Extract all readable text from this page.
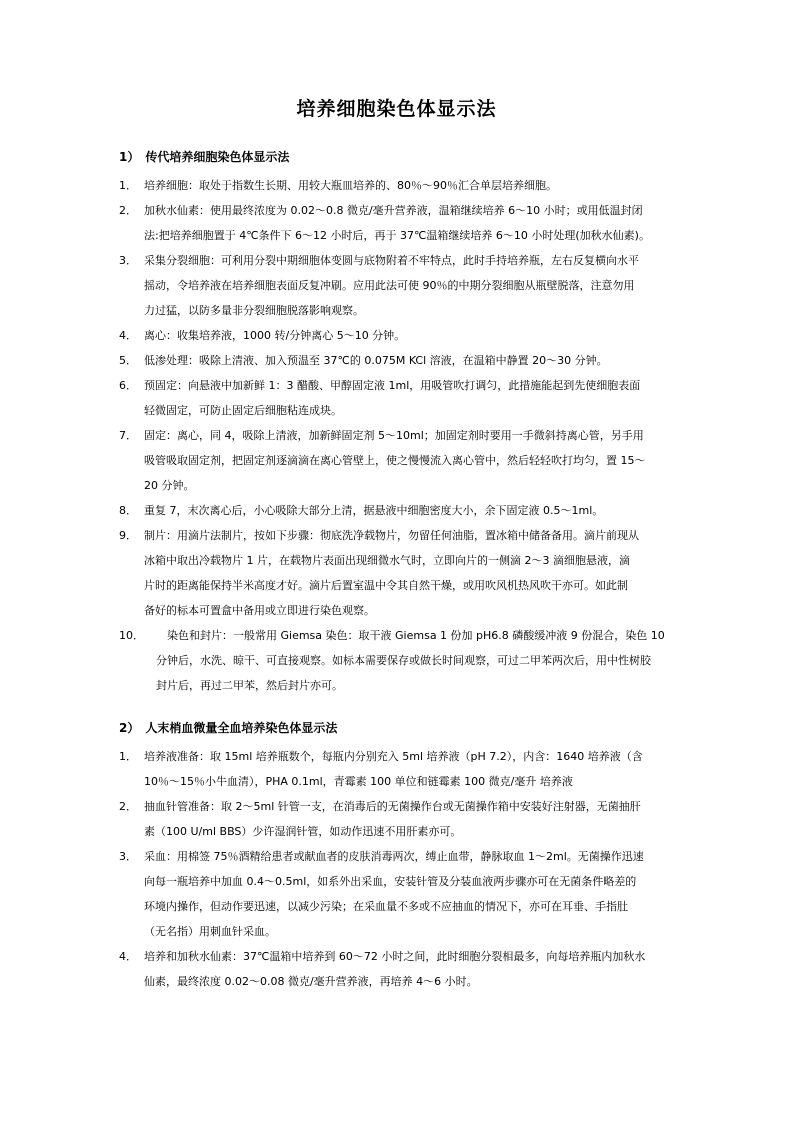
培养细胞染色体显示法
1）　传代培养细胞染色体显示法
1． 培养细胞：取处于指数生长期、用较大瓶皿培养的、80％～90％汇合单层培养细胞。
2． 加秋水仙素：使用最终浓度为 0.02～0.8 微克/毫升营养液，温箱继续培养 6～10 小时；或用低温封闭
法:把培养细胞置于 4℃条件下 6～12 小时后，再于 37℃温箱继续培养 6～10 小时处理(加秋水仙素)。
3． 采集分裂细胞：可利用分裂中期细胞体变圆与底物附着不牢特点，此时手持培养瓶，左右反复横向水平
摇动，令培养液在培养细胞表面反复冲刷。应用此法可使 90％的中期分裂细胞从瓶壁脱落，注意勿用
力过猛，以防多量非分裂细胞脱落影响观察。
4． 离心：收集培养液，1000 转/分钟离心 5～10 分钟。
5． 低渗处理：吸除上清液、加入预温至 37℃的 0.075M KCl 溶液，在温箱中静置 20～30 分钟。
6． 预固定：向悬液中加新鲜 1：3 醋酸、甲醇固定液 1ml，用吸管吹打调匀，此措施能起到先使细胞表面
轻微固定，可防止固定后细胞粘连成块。
7． 固定：离心，同 4，吸除上清液，加新鲜固定剂 5～10ml；加固定剂时要用一手微斜持离心管，另手用
吸管吸取固定剂，把固定剂逐滴滴在离心管壁上，使之慢慢流入离心管中，然后轻轻吹打均匀，置 15～
20 分钟。
8． 重复 7，末次离心后，小心吸除大部分上清，据悬液中细胞密度大小，余下固定液 0.5～1ml。
9． 制片：用滴片法制片，按如下步骤：彻底洗净载物片，勿留任何油脂，置冰箱中储备备用。滴片前现从
冰箱中取出冷载物片 1 片，在载物片表面出现细微水气时，立即向片的一侧滴 2～3 滴细胞悬液，滴
片时的距离能保持半米高度才好。滴片后置室温中令其自然干燥，或用吹风机热风吹干亦可。如此制
备好的标本可置盒中备用或立即进行染色观察。
10．	　染色和封片：一般常用 Giemsa 染色：取干液 Giemsa 1 份加 pH6.8 磷酸缓冲液 9 份混合，染色 10
分钟后，水洗、晾干、可直接观察。如标本需要保存或做长时间观察，可过二甲苯两次后，用中性树胶
封片后，再过二甲苯，然后封片亦可。
2）　人末梢血微量全血培养染色体显示法
1． 培养液准备：取 15ml 培养瓶数个，每瓶内分别充入 5ml 培养液（pH 7.2），内含：1640 培养液（含
10％～15％小牛血清），PHA 0.1ml，青霉素 100 单位和链霉素 100 微克/毫升 培养液
2． 抽血针管准备：取 2～5ml 针管一支，在消毒后的无菌操作台或无菌操作箱中安装好注射器，无菌抽肝
素（100 U/ml BBS）少许湿润针管，如动作迅速不用肝素亦可。
3． 采血：用棉签 75％酒精给患者或献血者的皮肤消毒两次，缚止血带，静脉取血 1～2ml。无菌操作迅速
向每一瓶培养中加血 0.4～0.5ml，如系外出采血，安装针管及分装血液两步骤亦可在无菌条件略差的
环境内操作，但动作要迅速，以减少污染；在采血量不多或不应抽血的情况下，亦可在耳垂、手指肚
（无名指）用刺血针采血。
4． 培养和加秋水仙素：37℃温箱中培养到 60～72 小时之间，此时细胞分裂相最多，向每培养瓶内加秋水
仙素，最终浓度 0.02～0.08 微克/毫升营养液，再培养 4～6 小时。
